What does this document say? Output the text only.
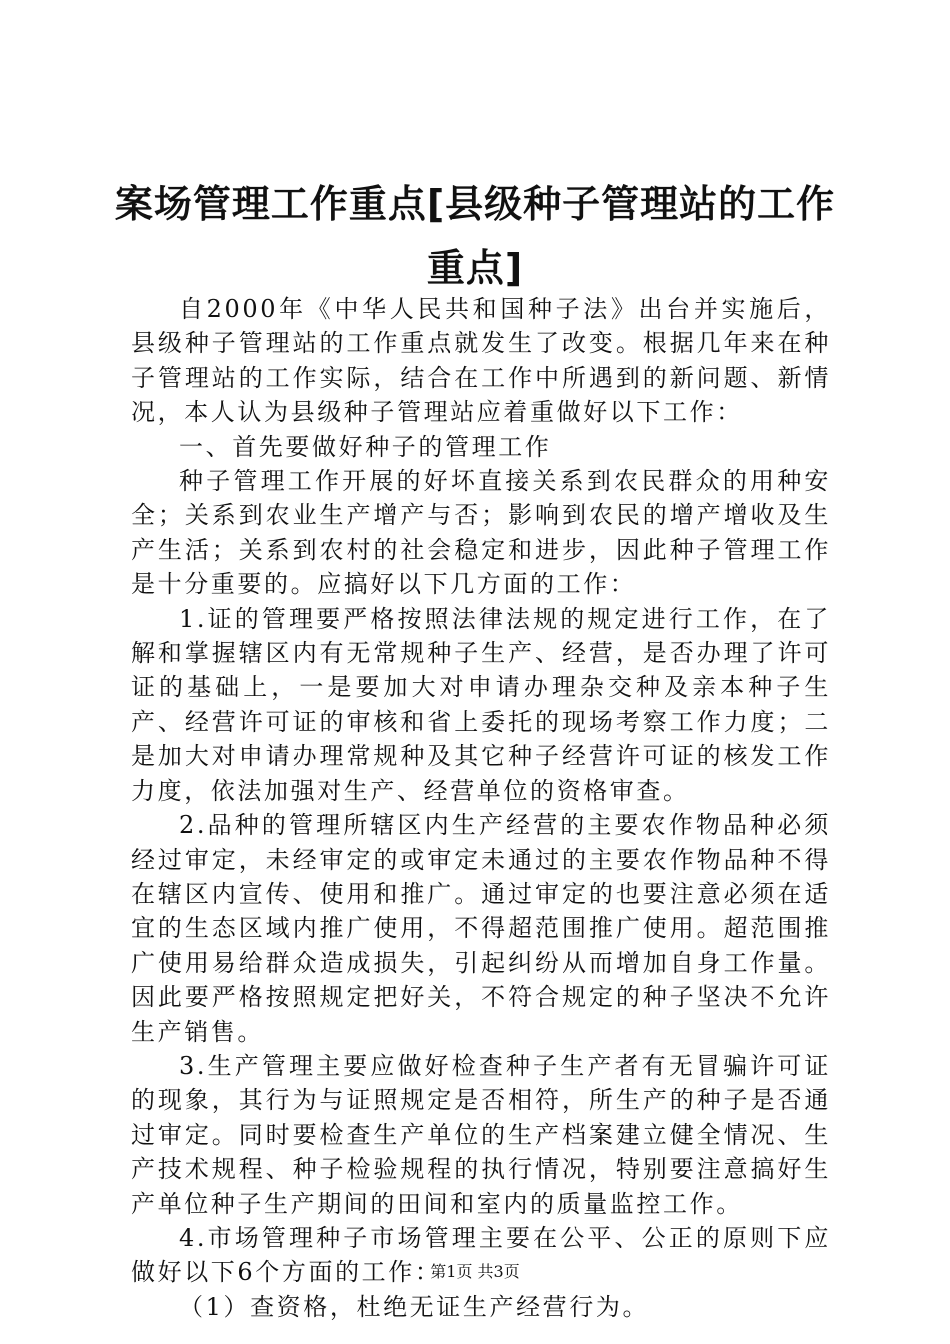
案场管理工作重点[县级种子管理站的工作重点]

自2000年《中华人民共和国种子法》出台并实施后，县级种子管理站的工作重点就发生了改变。根据几年来在种子管理站的工作实际，结合在工作中所遇到的新问题、新情况，本人认为县级种子管理站应着重做好以下工作：

一、首先要做好种子的管理工作

种子管理工作开展的好坏直接关系到农民群众的用种安全；关系到农业生产增产与否；影响到农民的增产增收及生产生活；关系到农村的社会稳定和进步，因此种子管理工作是十分重要的。应搞好以下几方面的工作：

1.证的管理要严格按照法律法规的规定进行工作，在了解和掌握辖区内有无常规种子生产、经营，是否办理了许可证的基础上，一是要加大对申请办理杂交种及亲本种子生产、经营许可证的审核和省上委托的现场考察工作力度；二是加大对申请办理常规种及其它种子经营许可证的核发工作力度，依法加强对生产、经营单位的资格审查。

2.品种的管理所辖区内生产经营的主要农作物品种必须经过审定，未经审定的或审定未通过的主要农作物品种不得在辖区内宣传、使用和推广。通过审定的也要注意必须在适宜的生态区域内推广使用，不得超范围推广使用。超范围推广使用易给群众造成损失，引起纠纷从而增加自身工作量。因此要严格按照规定把好关，不符合规定的种子坚决不允许生产销售。

3.生产管理主要应做好检查种子生产者有无冒骗许可证的现象，其行为与证照规定是否相符，所生产的种子是否通过审定。同时要检查生产单位的生产档案建立健全情况、生产技术规程、种子检验规程的执行情况，特别要注意搞好生产单位种子生产期间的田间和室内的质量监控工作。

4.市场管理种子市场管理主要在公平、公正的原则下应做好以下6个方面的工作：

（1）查资格，杜绝无证生产经营行为。

第1页 共3页
